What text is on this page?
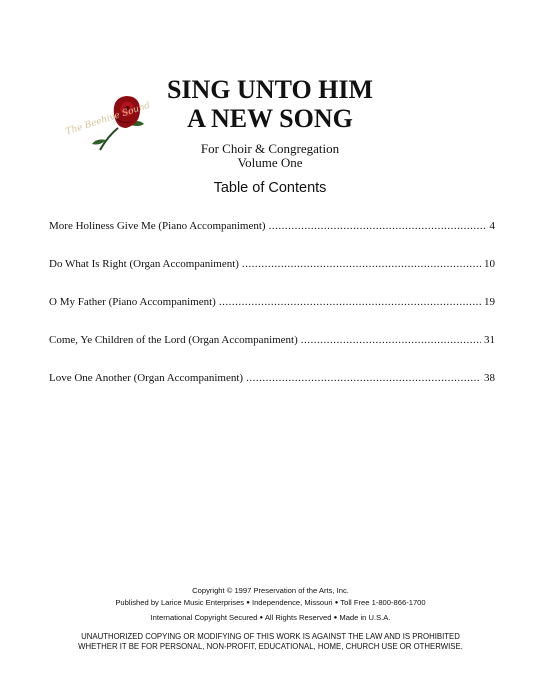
The Beehive Sound
SING UNTO HIM
A NEW SONG
For Choir & Congregation
Volume One
Table of Contents
More Holiness Give Me (Piano Accompaniment) .....	4
Do What Is Right (Organ Accompaniment) .....	10
O My Father (Piano Accompaniment) .....	19
Come, Ye Children of the Lord (Organ Accompaniment) .....	31
Love One Another (Organ Accompaniment) .....	38
Copyright © 1997 Preservation of the Arts, Inc.
Published by Larice Music Enterprises ● Independence, Missouri ● Toll Free 1-800-866-1700
International Copyright Secured ● All Rights Reserved ● Made in U.S.A.
UNAUTHORIZED COPYING OR MODIFYING OF THIS WORK IS AGAINST THE LAW AND IS PROHIBITED
WHETHER IT BE FOR PERSONAL, NON-PROFIT, EDUCATIONAL, HOME, CHURCH USE OR OTHERWISE.
